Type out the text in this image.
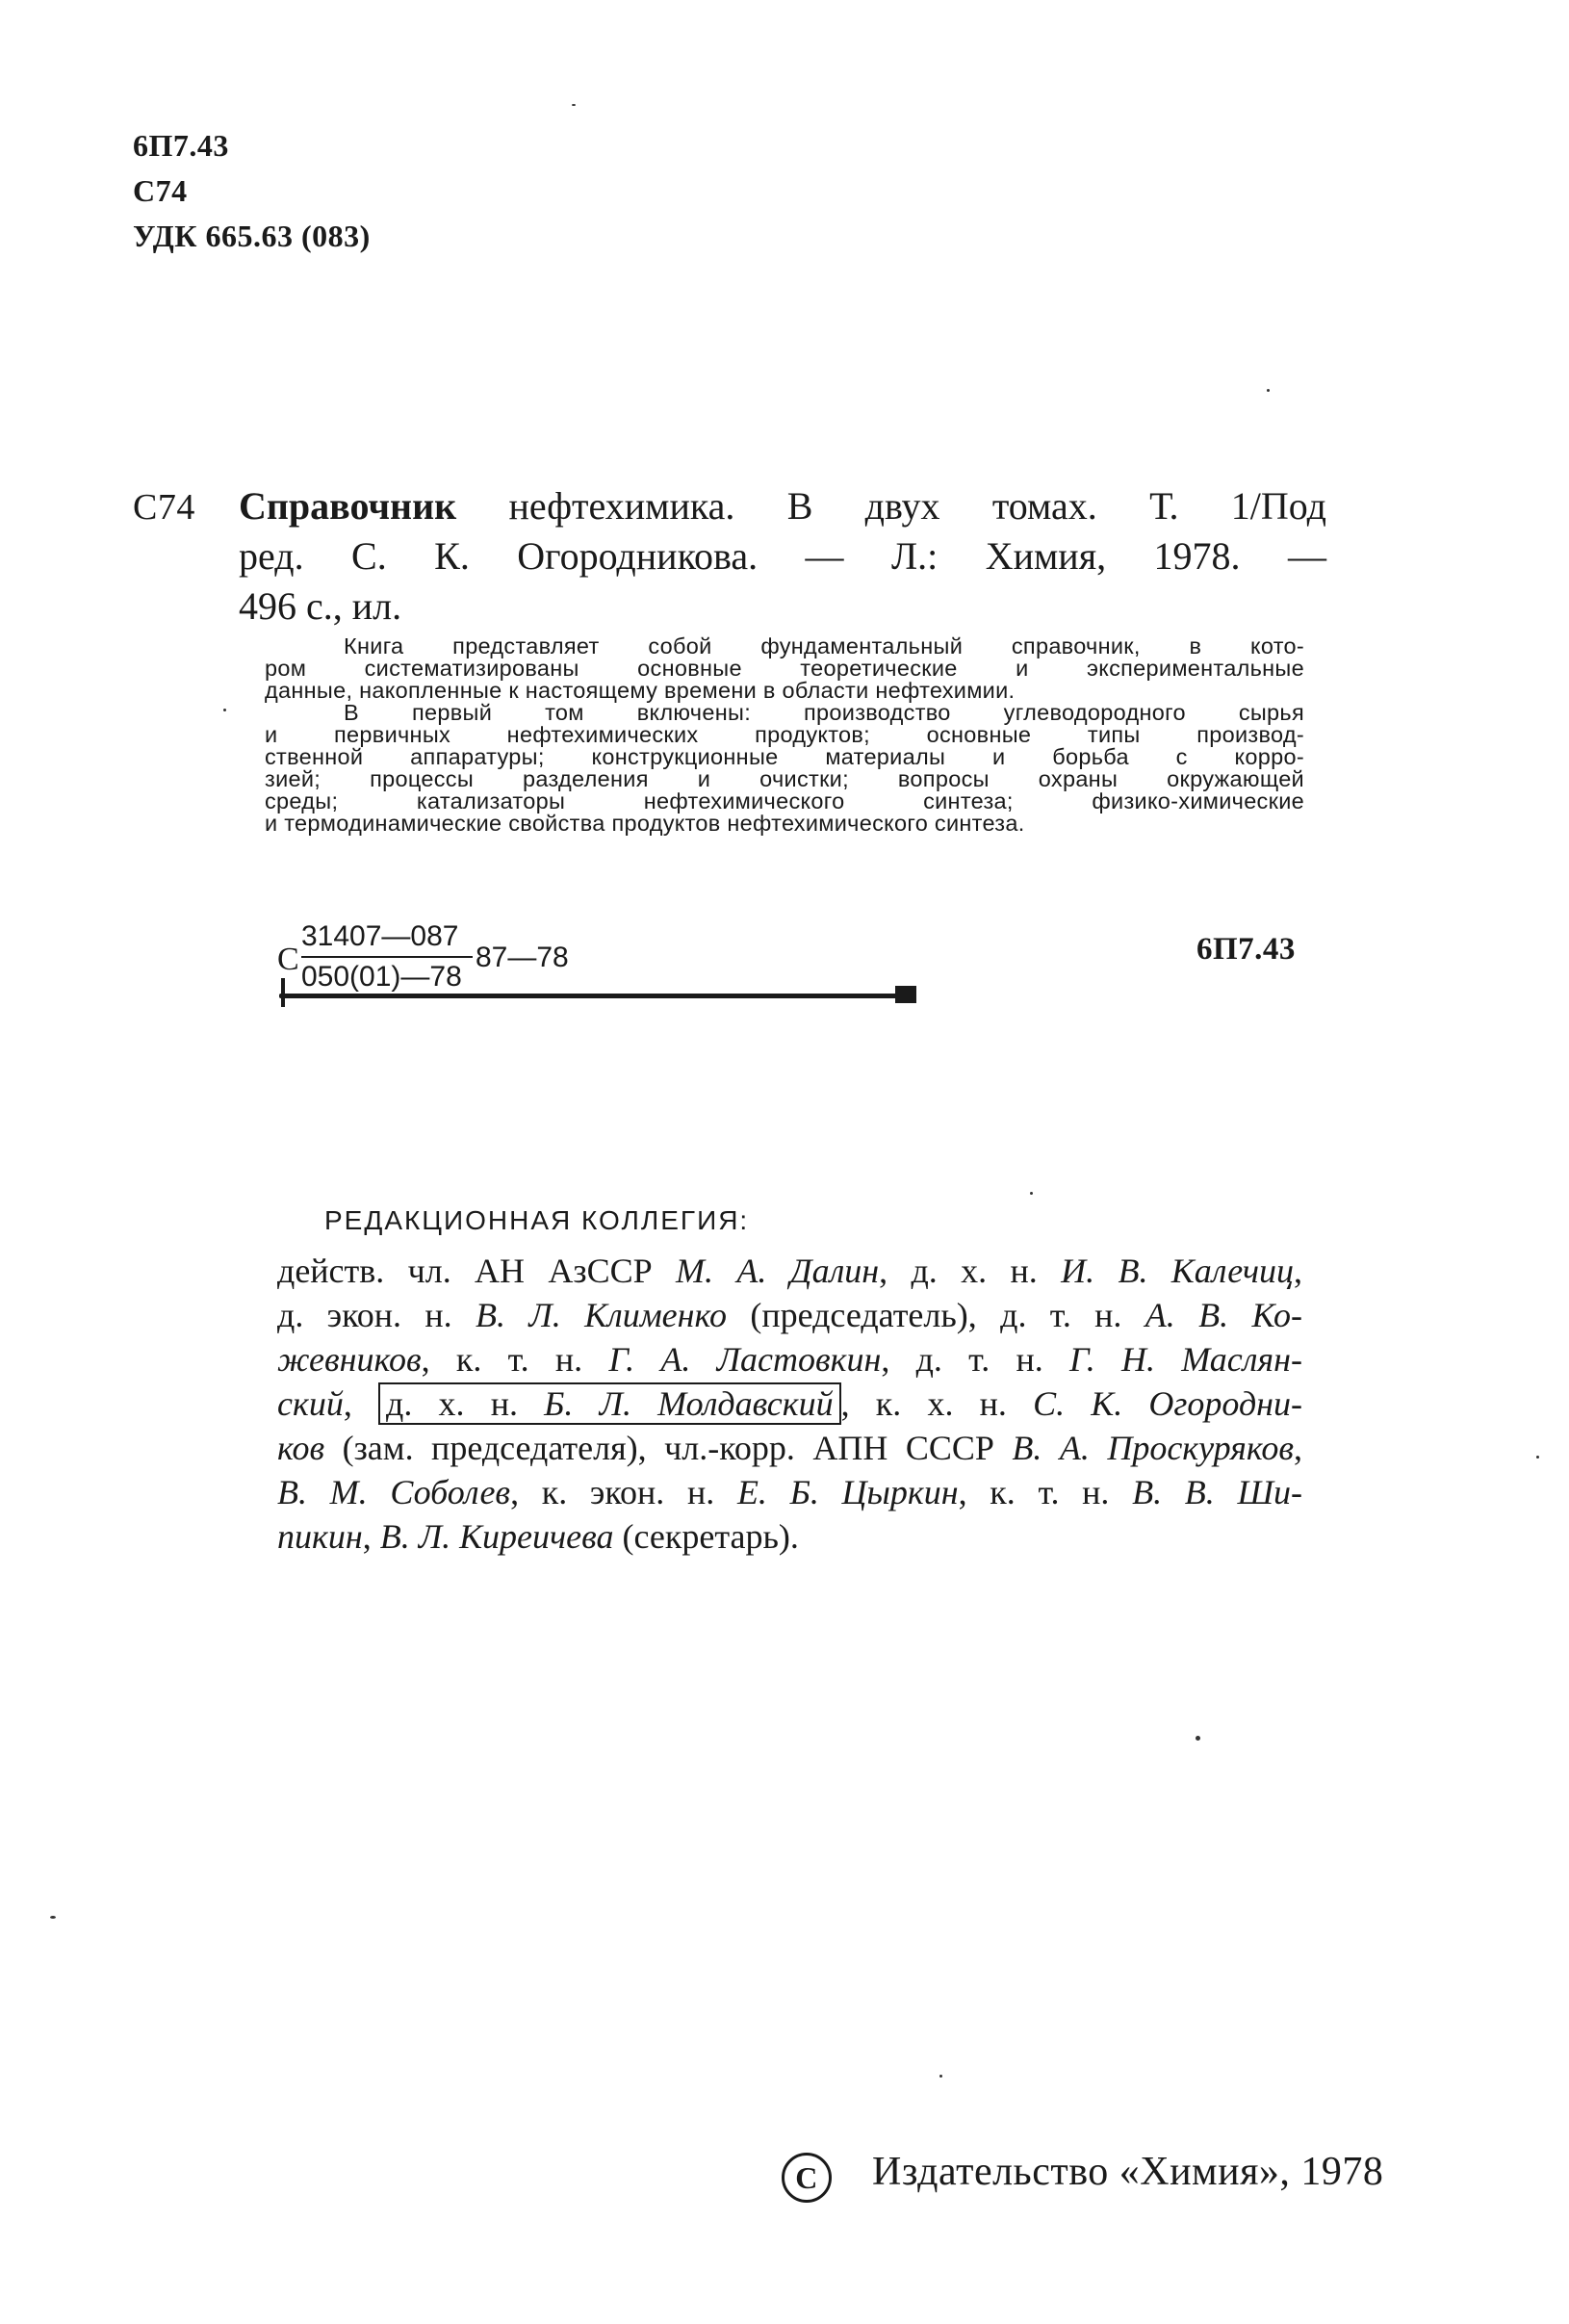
6П7.43
С74
УДК 665.63 (083)
С74 Справочник нефтехимика. В двух томах. Т. 1/Под
ред. С. К. Огородникова. — Л.: Химия, 1978. —
496 с., ил.
Книга представляет собой фундаментальный справочник, в кото-
ром систематизированы основные теоретические и экспериментальные
данные, накопленные к настоящему времени в области нефтехимии.
В первый том включены: производство углеводородного сырья
и первичных нефтехимических продуктов; основные типы производ-
ственной аппаратуры; конструкционные материалы и борьба с корро-
зией; процессы разделения и очистки; вопросы охраны окружающей
среды; катализаторы нефтехимического синтеза; физико-химические
и термодинамические свойства продуктов нефтехимического синтеза.
С
31407—087
050(01)—78
87—78	6П7.43
РЕДАКЦИОННАЯ КОЛЛЕГИЯ:
действ. чл. АН АзССР М. А. Далин, д. х. н. И. В. Калечиц,
д. экон. н. В. Л. Клименко (председатель), д. т. н. А. В. Ко-
жевников, к. т. н. Г. А. Ластовкин, д. т. н. Г. Н. Маслян-
ский, д. х. н. Б. Л. Молдавский , к. х. н. С. К. Огородни-
ков (зам. председателя), чл.-корр. АПН СССР В. А. Проскуряков,
В. М. Соболев, к. экон. н. Е. Б. Цыркин, к. т. н. В. В. Ши-
пикин, В. Л. Киреичева (секретарь).
C Издательство «Химия», 1978
